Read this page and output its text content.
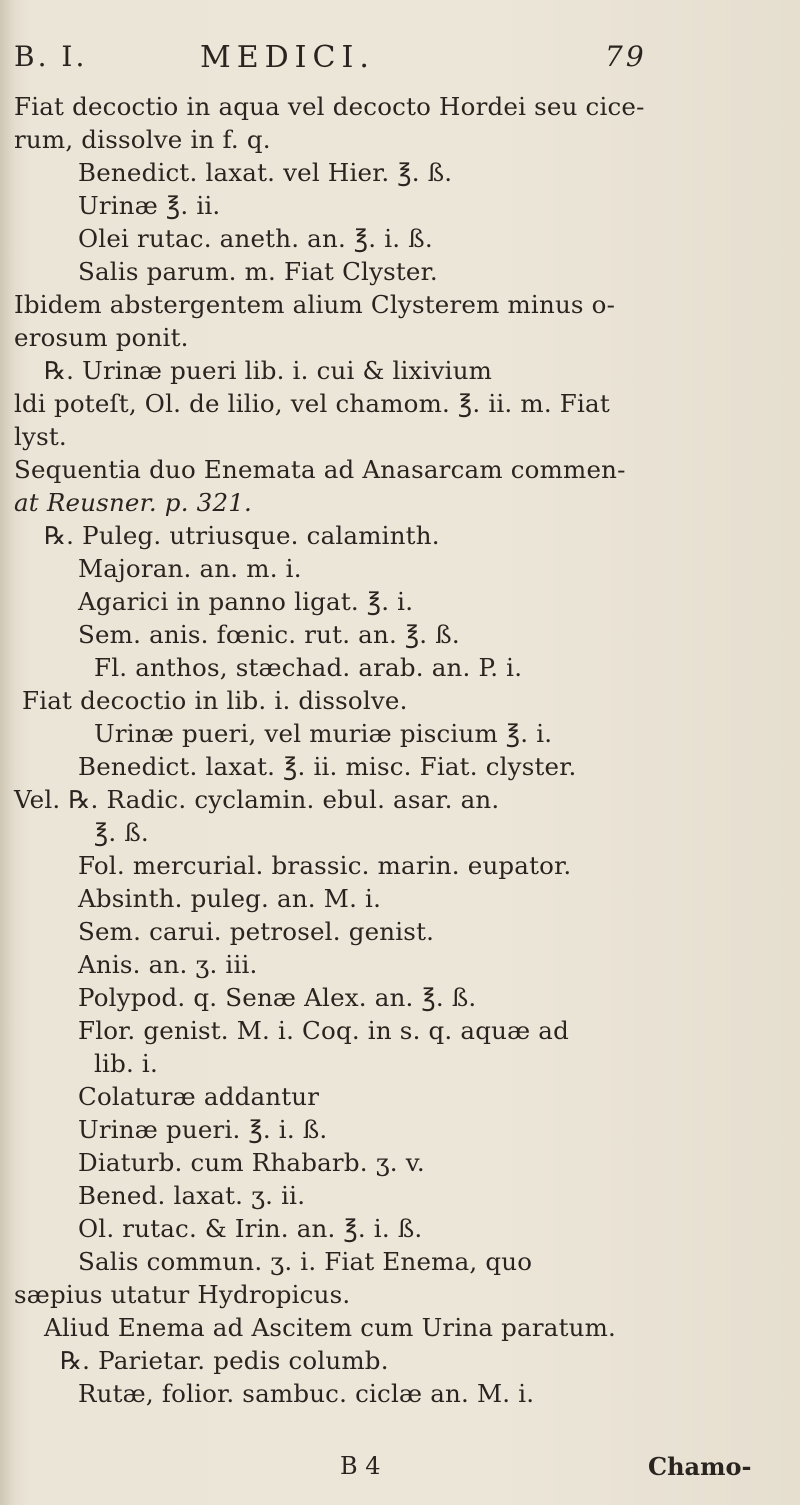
B. I.	MEDICI.	79
Fiat decoctio in aqua vel decocto Hordei seu cice-
rum, dissolve in f. q.
Benedict. laxat. vel Hier. ℥. ß.
Urinæ ℥. ii.
Olei rutac. aneth. an. ℥. i. ß.
Salis parum. m. Fiat Clyster.
Ibidem abstergentem alium Clysterem minus o-
erosum ponit.
℞. Urinæ pueri lib. i. cui & lixivium
ldi poteſt, Ol. de lilio, vel chamom. ℥. ii. m. Fiat
lyst.
Sequentia duo Enemata ad Anasarcam commen-
at Reusner. p. 321.
℞. Puleg. utriusque. calaminth.
Majoran. an. m. i.
Agarici in panno ligat. ℥. i.
Sem. anis. fœnic. rut. an. ℥. ß.
Fl. anthos, stæchad. arab. an. P. i.
Fiat decoctio in lib. i. dissolve.
Urinæ pueri, vel muriæ piscium ℥. i.
Benedict. laxat. ℥. ii. misc. Fiat. clyster.
Vel. ℞. Radic. cyclamin. ebul. asar. an.
℥. ß.
Fol. mercurial. brassic. marin. eupator.
Absinth. puleg. an. M. i.
Sem. carui. petrosel. genist.
Anis. an. ʒ. iii.
Polypod. q. Senæ Alex. an. ℥. ß.
Flor. genist. M. i. Coq. in s. q. aquæ ad
lib. i.
Colaturæ addantur
Urinæ pueri. ℥. i. ß.
Diaturb. cum Rhabarb. ʒ. v.
Bened. laxat. ʒ. ii.
Ol. rutac. & Irin. an. ℥. i. ß.
Salis commun. ʒ. i. Fiat Enema, quo
sæpius utatur Hydropicus.
Aliud Enema ad Ascitem cum Urina paratum.
℞. Parietar. pedis columb.
Rutæ, folior. sambuc. ciclæ an. M. i.
B 4	Chamo-
